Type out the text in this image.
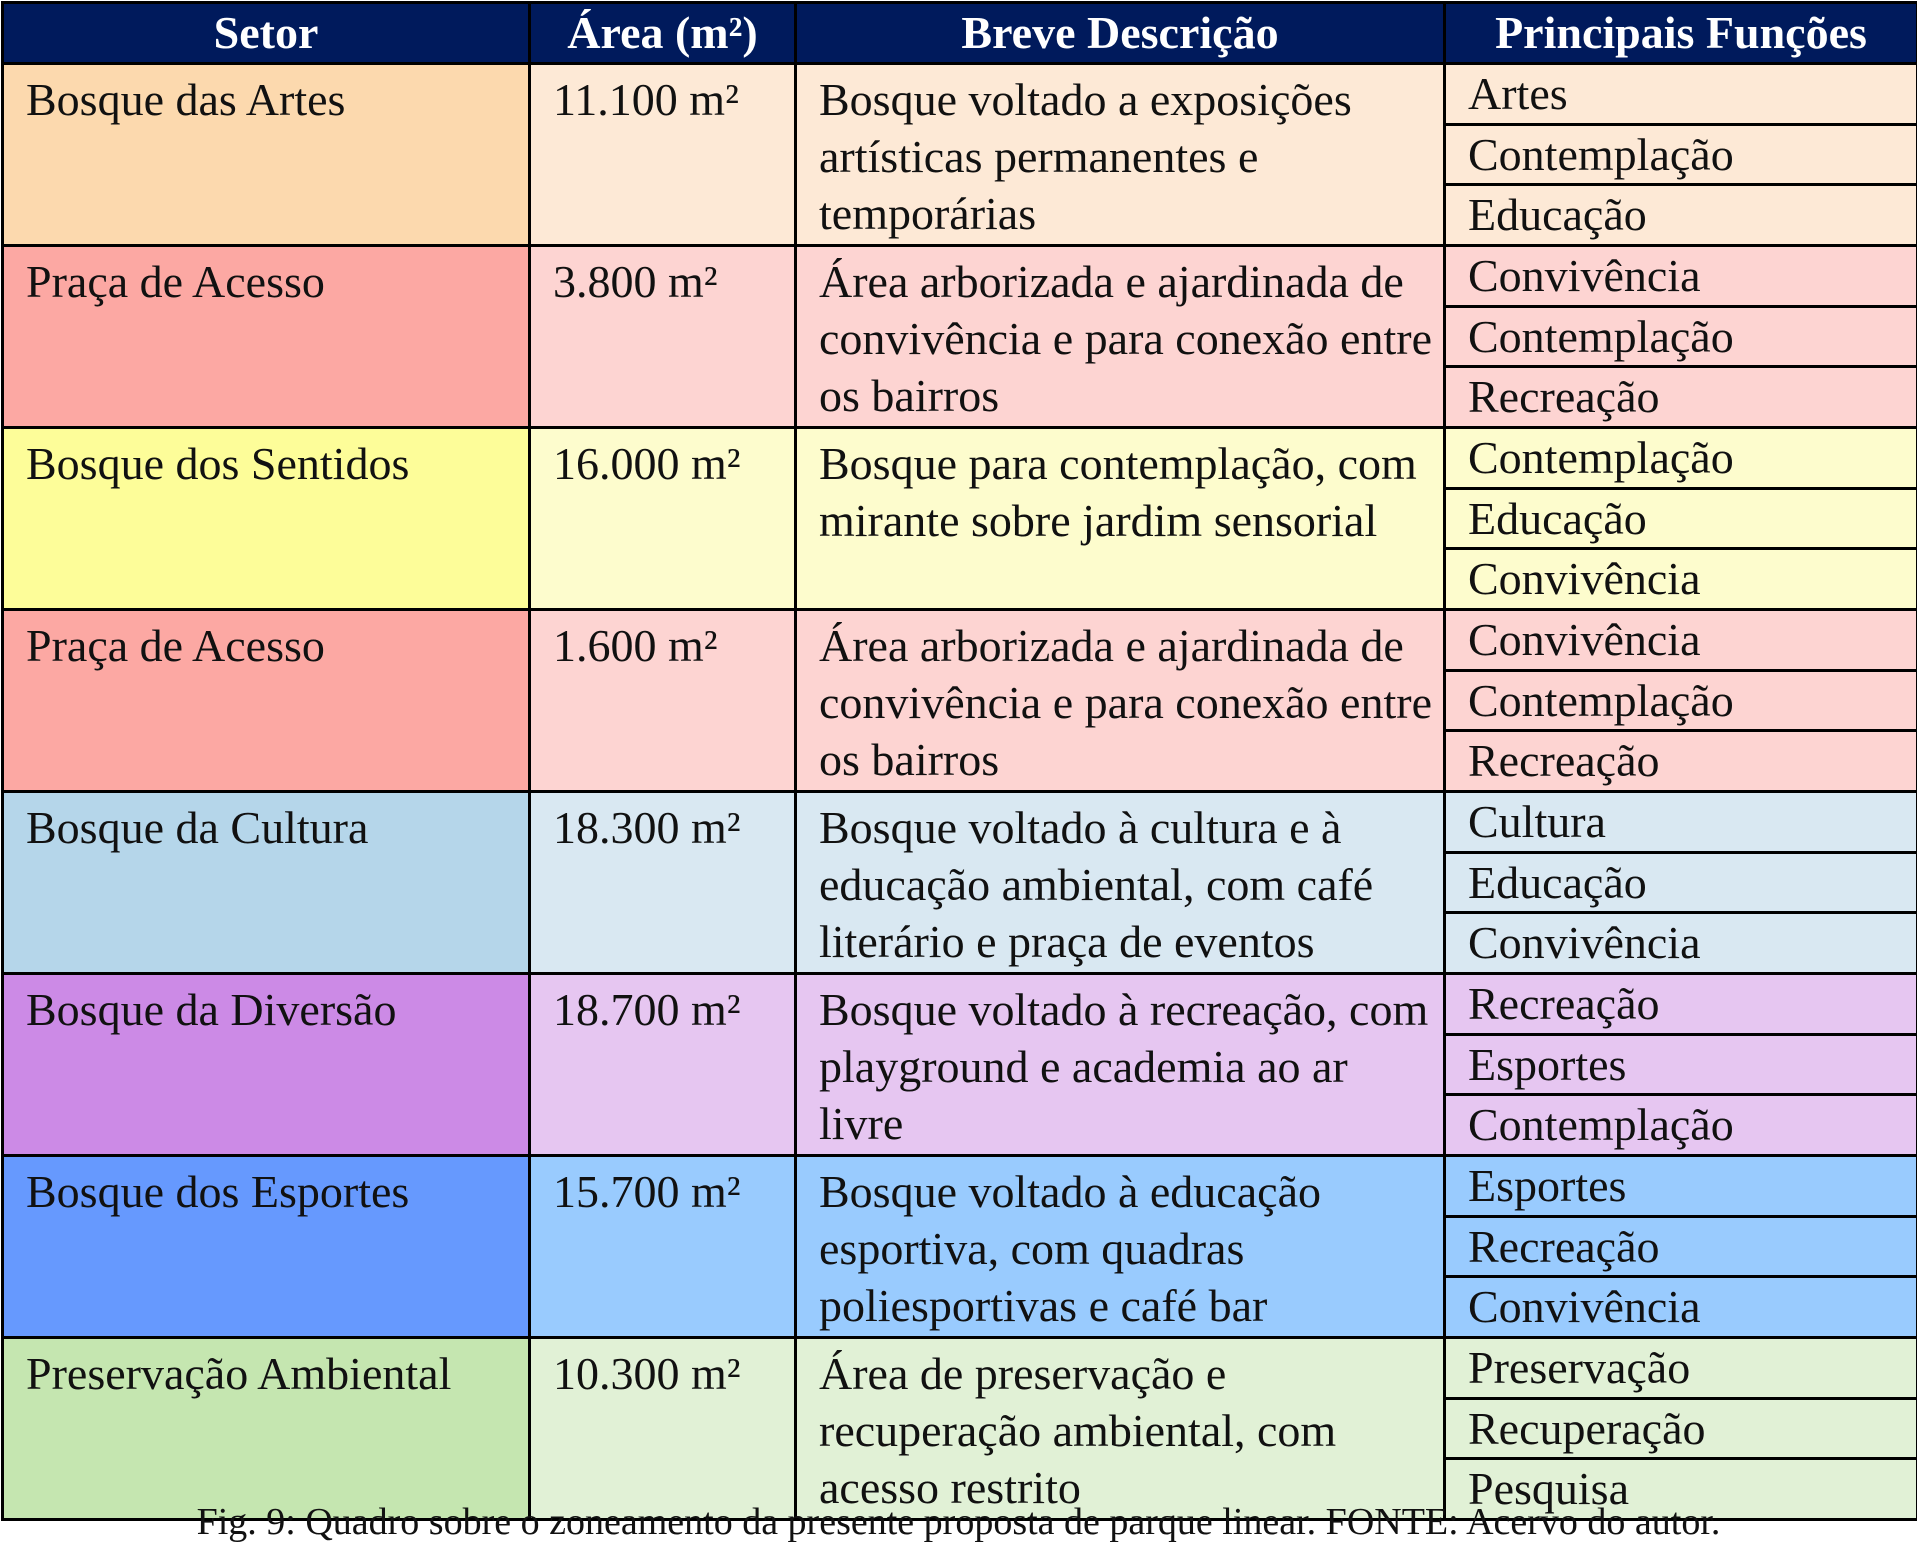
Setor	Área (m²)	Breve Descrição	Principais Funções
Bosque das Artes	11.100 m²	Bosque voltado a exposições artísticas permanentes e temporárias	Artes
Contemplação
Educação

Praça de Acesso	3.800 m²	Área arborizada e ajardinada de convivência e para conexão entre os bairros	Convivência
Contemplação
Recreação

Bosque dos Sentidos	16.000 m²	Bosque para contemplação, com mirante sobre jardim sensorial	Contemplação
Educação
Convivência

Praça de Acesso	1.600 m²	Área arborizada e ajardinada de convivência e para conexão entre os bairros	Convivência
Contemplação
Recreação

Bosque da Cultura	18.300 m²	Bosque voltado à cultura e à educação ambiental, com café literário e praça de eventos	Cultura
Educação
Convivência

Bosque da Diversão	18.700 m²	Bosque voltado à recreação, com playground e academia ao ar livre	Recreação
Esportes
Contemplação

Bosque dos Esportes	15.700 m²	Bosque voltado à educação esportiva, com quadras poliesportivas e café bar	Esportes
Recreação
Convivência

Preservação Ambiental	10.300 m²	Área de preservação e recuperação ambiental, com acesso restrito	Preservação
Recuperação
Pesquisa
Fig. 9: Quadro sobre o zoneamento da presente proposta de parque linear. FONTE: Acervo do autor.
